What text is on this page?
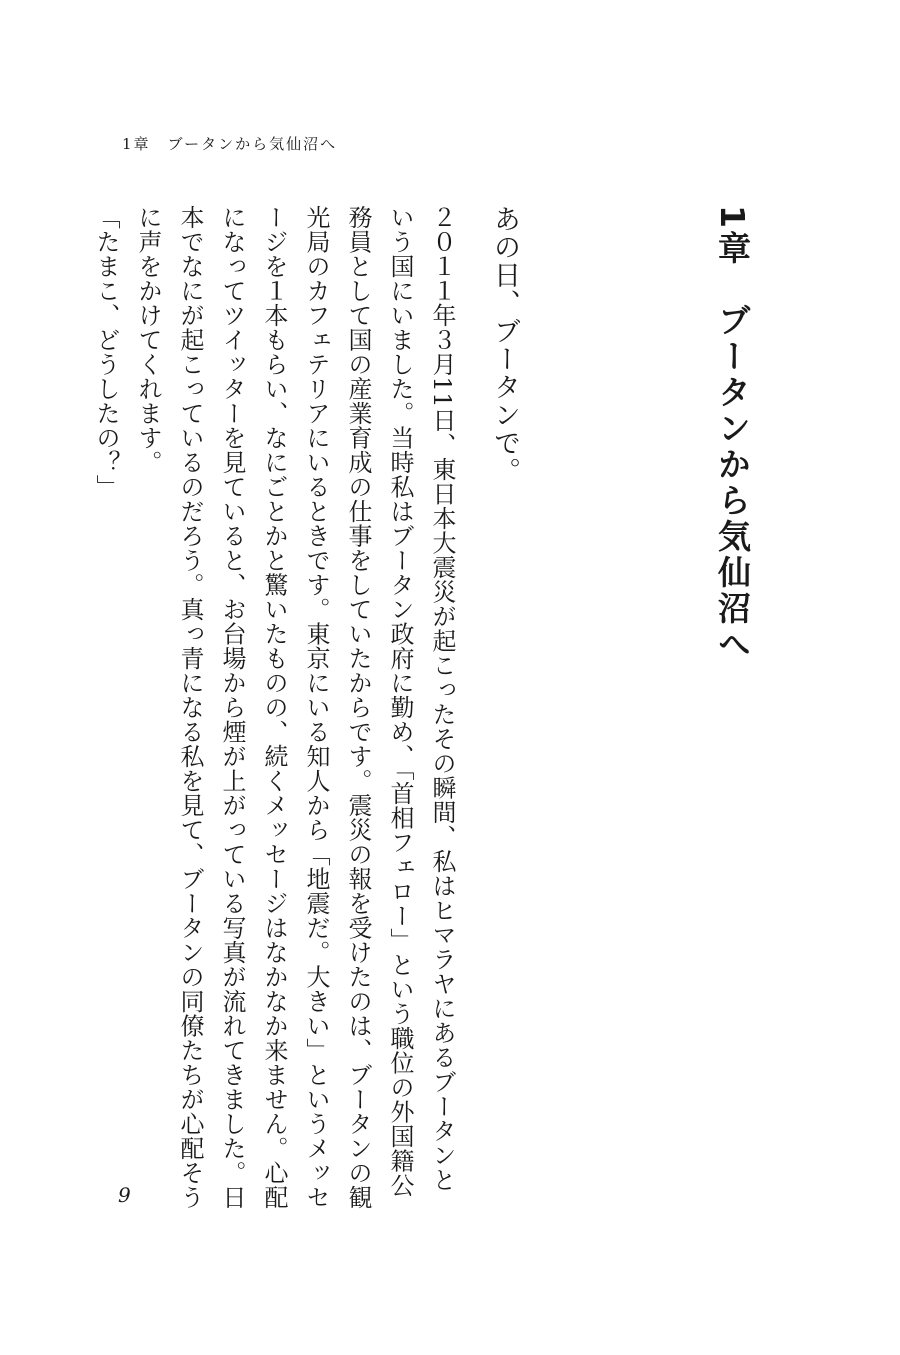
1章　ブータンから気仙沼へ
1章　ブータンから気仙沼へ
あの日、ブータンで。
２０１１年３月11日、東日本大震災が起こったその瞬間、私はヒマラヤにあるブータンと
いう国にいました。当時私はブータン政府に勤め、「首相フェロー」という職位の外国籍公
務員として国の産業育成の仕事をしていたからです。震災の報を受けたのは、ブータンの観
光局のカフェテリアにいるときです。東京にいる知人から「地震だ。大きい」というメッセ
ージを１本もらい、なにごとかと驚いたものの、続くメッセージはなかなか来ません。心配
になってツイッターを見ていると、お台場から煙が上がっている写真が流れてきました。日
本でなにが起こっているのだろう。真っ青になる私を見て、ブータンの同僚たちが心配そう
に声をかけてくれます。
「たまこ、どうしたの？」
9
